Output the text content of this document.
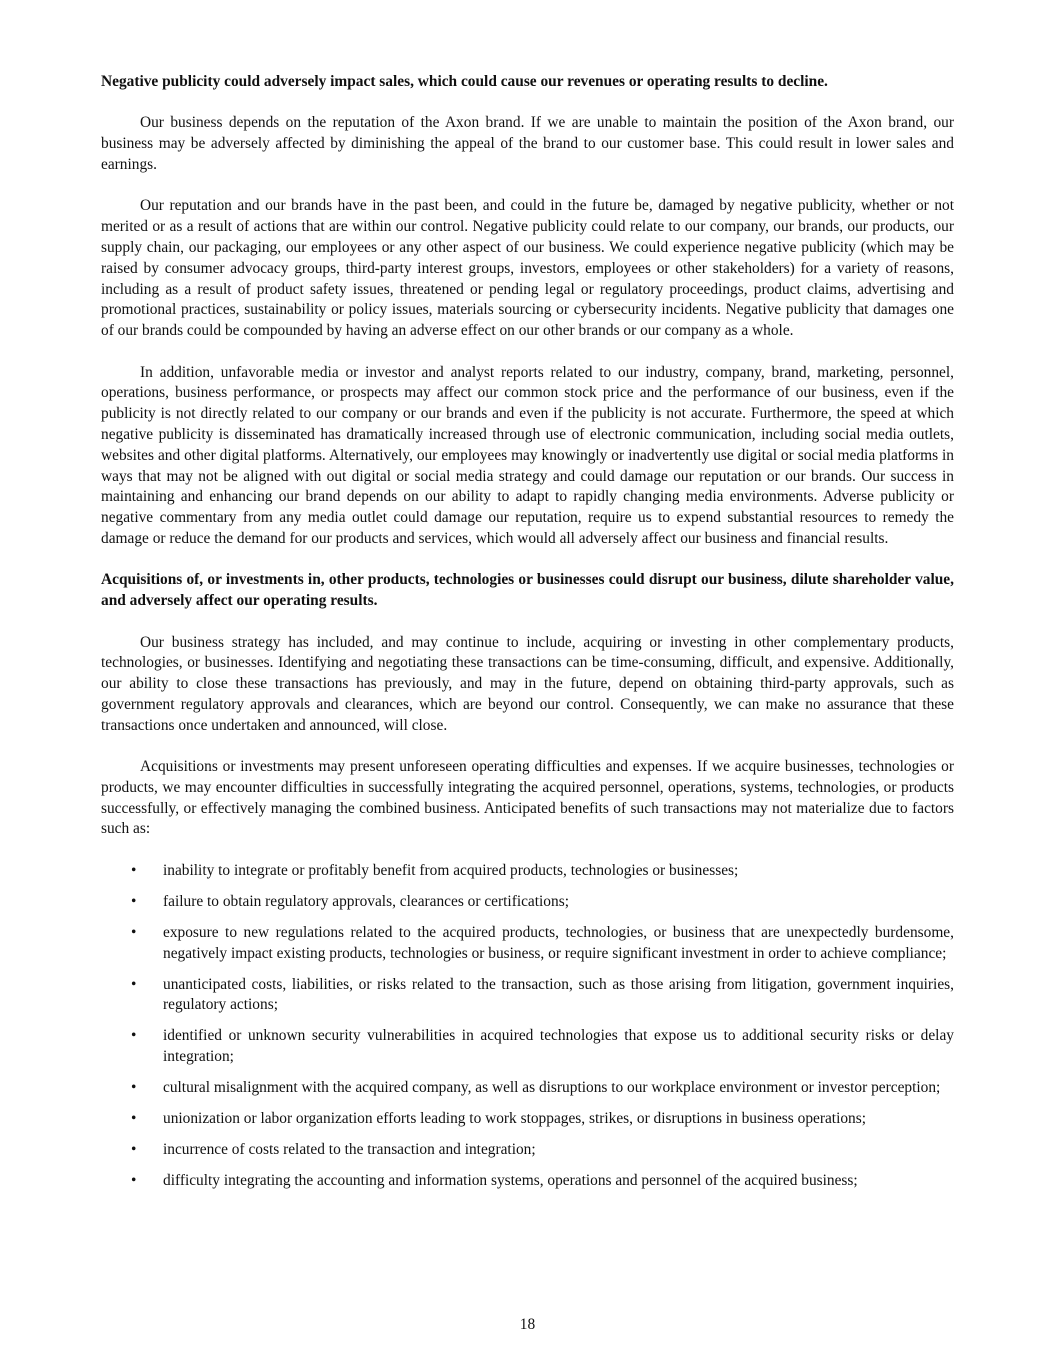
Negative publicity could adversely impact sales, which could cause our revenues or operating results to decline.

Our business depends on the reputation of the Axon brand. If we are unable to maintain the position of the Axon brand, our business may be adversely affected by diminishing the appeal of the brand to our customer base. This could result in lower sales and earnings.

Our reputation and our brands have in the past been, and could in the future be, damaged by negative publicity, whether or not merited or as a result of actions that are within our control. Negative publicity could relate to our company, our brands, our products, our supply chain, our packaging, our employees or any other aspect of our business. We could experience negative publicity (which may be raised by consumer advocacy groups, third-party interest groups, investors, employees or other stakeholders) for a variety of reasons, including as a result of product safety issues, threatened or pending legal or regulatory proceedings, product claims, advertising and promotional practices, sustainability or policy issues, materials sourcing or cybersecurity incidents. Negative publicity that damages one of our brands could be compounded by having an adverse effect on our other brands or our company as a whole.

In addition, unfavorable media or investor and analyst reports related to our industry, company, brand, marketing, personnel, operations, business performance, or prospects may affect our common stock price and the performance of our business, even if the publicity is not directly related to our company or our brands and even if the publicity is not accurate. Furthermore, the speed at which negative publicity is disseminated has dramatically increased through use of electronic communication, including social media outlets, websites and other digital platforms. Alternatively, our employees may knowingly or inadvertently use digital or social media platforms in ways that may not be aligned with out digital or social media strategy and could damage our reputation or our brands. Our success in maintaining and enhancing our brand depends on our ability to adapt to rapidly changing media environments. Adverse publicity or negative commentary from any media outlet could damage our reputation, require us to expend substantial resources to remedy the damage or reduce the demand for our products and services, which would all adversely affect our business and financial results.

Acquisitions of, or investments in, other products, technologies or businesses could disrupt our business, dilute shareholder value, and adversely affect our operating results.

Our business strategy has included, and may continue to include, acquiring or investing in other complementary products, technologies, or businesses. Identifying and negotiating these transactions can be time-consuming, difficult, and expensive. Additionally, our ability to close these transactions has previously, and may in the future, depend on obtaining third-party approvals, such as government regulatory approvals and clearances, which are beyond our control. Consequently, we can make no assurance that these transactions once undertaken and announced, will close.

Acquisitions or investments may present unforeseen operating difficulties and expenses. If we acquire businesses, technologies or products, we may encounter difficulties in successfully integrating the acquired personnel, operations, systems, technologies, or products successfully, or effectively managing the combined business. Anticipated benefits of such transactions may not materialize due to factors such as:

• inability to integrate or profitably benefit from acquired products, technologies or businesses;
• failure to obtain regulatory approvals, clearances or certifications;
• exposure to new regulations related to the acquired products, technologies, or business that are unexpectedly burdensome, negatively impact existing products, technologies or business, or require significant investment in order to achieve compliance;
• unanticipated costs, liabilities, or risks related to the transaction, such as those arising from litigation, government inquiries, regulatory actions;
• identified or unknown security vulnerabilities in acquired technologies that expose us to additional security risks or delay integration;
• cultural misalignment with the acquired company, as well as disruptions to our workplace environment or investor perception;
• unionization or labor organization efforts leading to work stoppages, strikes, or disruptions in business operations;
• incurrence of costs related to the transaction and integration;
• difficulty integrating the accounting and information systems, operations and personnel of the acquired business;
18
